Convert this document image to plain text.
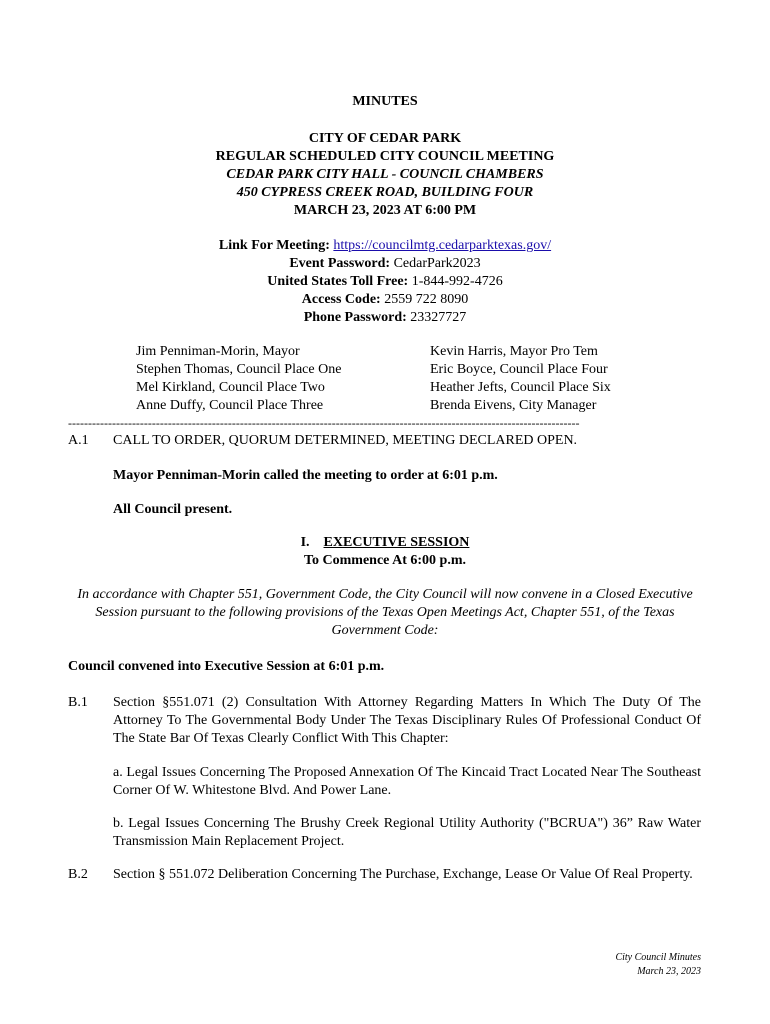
MINUTES
CITY OF CEDAR PARK
REGULAR SCHEDULED CITY COUNCIL MEETING
CEDAR PARK CITY HALL - COUNCIL CHAMBERS
450 CYPRESS CREEK ROAD, BUILDING FOUR
MARCH 23, 2023 AT 6:00 PM
Link For Meeting: https://councilmtg.cedarparktexas.gov/
Event Password: CedarPark2023
United States Toll Free: 1-844-992-4726
Access Code: 2559 722 8090
Phone Password: 23327727
Jim Penniman-Morin, Mayor
Stephen Thomas, Council Place One
Mel Kirkland, Council Place Two
Anne Duffy, Council Place Three
Kevin Harris, Mayor Pro Tem
Eric Boyce, Council Place Four
Heather Jefts, Council Place Six
Brenda Eivens, City Manager
--------------------------------------------------------------------------------------------------------------------------------
A.1 CALL TO ORDER, QUORUM DETERMINED, MEETING DECLARED OPEN.
Mayor Penniman-Morin called the meeting to order at 6:01 p.m.
All Council present.
I. EXECUTIVE SESSION
To Commence At 6:00 p.m.
In accordance with Chapter 551, Government Code, the City Council will now convene in a Closed Executive Session pursuant to the following provisions of the Texas Open Meetings Act, Chapter 551, of the Texas Government Code:
Council convened into Executive Session at 6:01 p.m.
B.1 Section §551.071 (2) Consultation With Attorney Regarding Matters In Which The Duty Of The Attorney To The Governmental Body Under The Texas Disciplinary Rules Of Professional Conduct Of The State Bar Of Texas Clearly Conflict With This Chapter:
a. Legal Issues Concerning The Proposed Annexation Of The Kincaid Tract Located Near The Southeast Corner Of W. Whitestone Blvd. And Power Lane.
b. Legal Issues Concerning The Brushy Creek Regional Utility Authority ("BCRUA") 36” Raw Water Transmission Main Replacement Project.
B.2 Section § 551.072 Deliberation Concerning The Purchase, Exchange, Lease Or Value Of Real Property.
City Council Minutes
March 23, 2023
